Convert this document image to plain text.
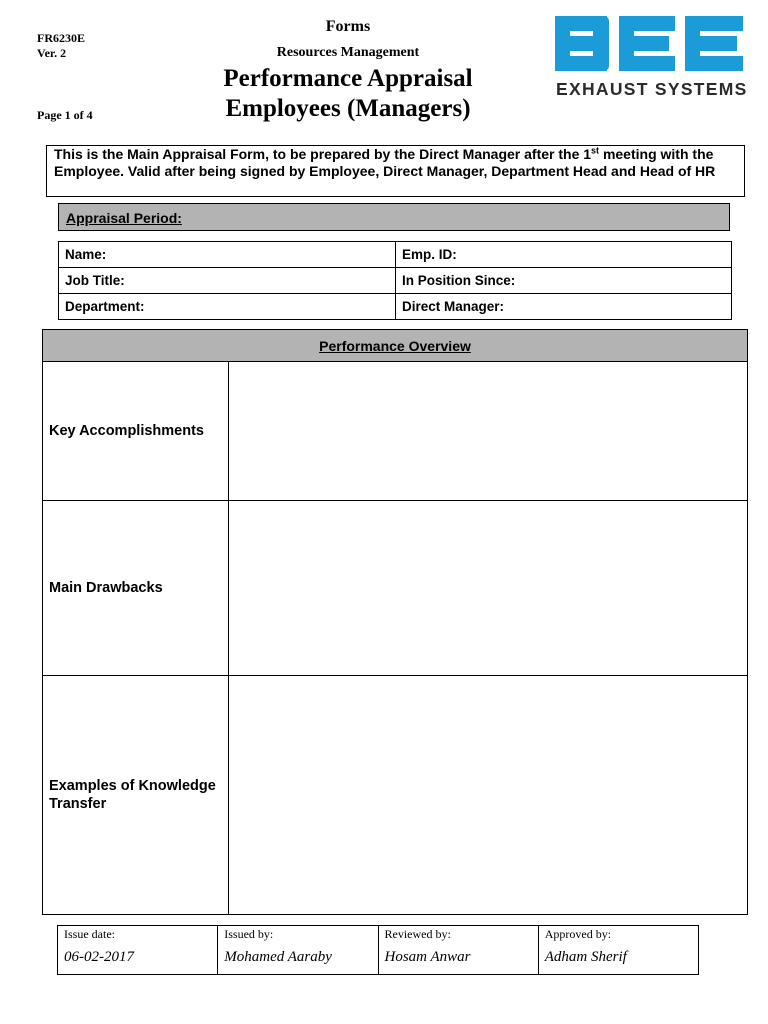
FR6230E
Ver. 2
Page 1 of 4
Forms
Resources Management
Performance Appraisal
Employees (Managers)
EXHAUST SYSTEMS
This is the Main Appraisal Form, to be prepared by the Direct Manager after the 1st meeting with the Employee. Valid after being signed by Employee, Direct Manager, Department Head and Head of HR
Appraisal Period:
Name:	Emp. ID:
Job Title:	In Position Since:
Department:	Direct Manager:
Performance Overview	
Key Accomplishments	
Main Drawbacks	
Examples of Knowledge Transfer	
Issue date:
06-02-2017

Issued by:
Mohamed Aaraby

Reviewed by:
Hosam Anwar

Approved by:
Adham Sherif
